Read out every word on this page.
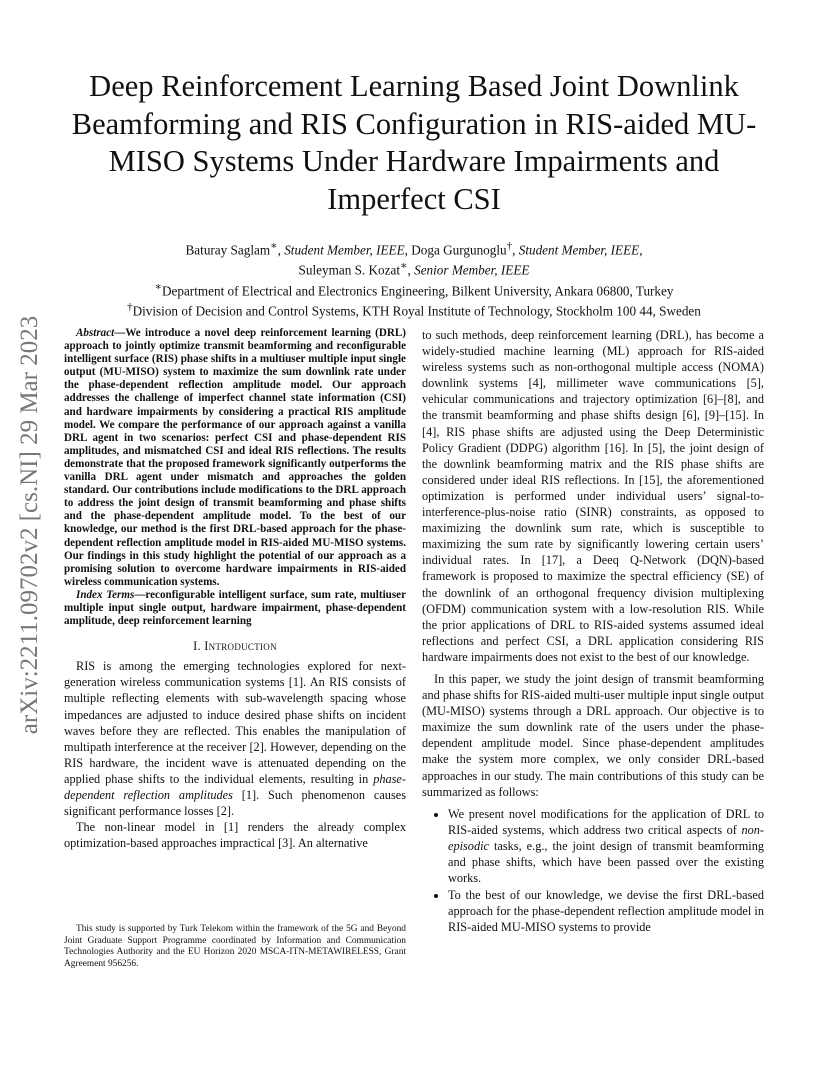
arXiv:2211.09702v2 [cs.NI] 29 Mar 2023
Deep Reinforcement Learning Based Joint Downlink Beamforming and RIS Configuration in RIS-aided MU-MISO Systems Under Hardware Impairments and Imperfect CSI
Baturay Saglam∗, Student Member, IEEE, Doga Gurgunoglu†, Student Member, IEEE,
Suleyman S. Kozat∗, Senior Member, IEEE

∗Department of Electrical and Electronics Engineering, Bilkent University, Ankara 06800, Turkey

†Division of Decision and Control Systems, KTH Royal Institute of Technology, Stockholm 100 44, Sweden

Abstract—We introduce a novel deep reinforcement learning (DRL) approach to jointly optimize transmit beamforming and reconfigurable intelligent surface (RIS) phase shifts in a multiuser multiple input single output (MU-MISO) system to maximize the sum downlink rate under the phase-dependent reflection amplitude model. Our approach addresses the challenge of imperfect channel state information (CSI) and hardware impairments by considering a practical RIS amplitude model. We compare the performance of our approach against a vanilla DRL agent in two scenarios: perfect CSI and phase-dependent RIS amplitudes, and mismatched CSI and ideal RIS reflections. The results demonstrate that the proposed framework significantly outperforms the vanilla DRL agent under mismatch and approaches the golden standard. Our contributions include modifications to the DRL approach to address the joint design of transmit beamforming and phase shifts and the phase-dependent amplitude model. To the best of our knowledge, our method is the first DRL-based approach for the phase-dependent reflection amplitude model in RIS-aided MU-MISO systems. Our findings in this study highlight the potential of our approach as a promising solution to overcome hardware impairments in RIS-aided wireless communication systems.

Index Terms—reconfigurable intelligent surface, sum rate, multiuser multiple input single output, hardware impairment, phase-dependent amplitude, deep reinforcement learning

I. Introduction

RIS is among the emerging technologies explored for next-generation wireless communication systems [1]. An RIS consists of multiple reflecting elements with sub-wavelength spacing whose impedances are adjusted to induce desired phase shifts on incident waves before they are reflected. This enables the manipulation of multipath interference at the receiver [2]. However, depending on the RIS hardware, the incident wave is attenuated depending on the applied phase shifts to the individual elements, resulting in phase-dependent reflection amplitudes [1]. Such phenomenon causes significant performance losses [2].

The non-linear model in [1] renders the already complex optimization-based approaches impractical [3]. An alternative

This study is supported by Turk Telekom within the framework of the 5G and Beyond Joint Graduate Support Programme coordinated by Information and Communication Technologies Authority and the EU Horizon 2020 MSCA-ITN-METAWIRELESS, Grant Agreement 956256.

to such methods, deep reinforcement learning (DRL), has become a widely-studied machine learning (ML) approach for RIS-aided wireless systems such as non-orthogonal multiple access (NOMA) downlink systems [4], millimeter wave communications [5], vehicular communications and trajectory optimization [6]–[8], and the transmit beamforming and phase shifts design [6], [9]–[15]. In [4], RIS phase shifts are adjusted using the Deep Deterministic Policy Gradient (DDPG) algorithm [16]. In [5], the joint design of the downlink beamforming matrix and the RIS phase shifts are considered under ideal RIS reflections. In [15], the aforementioned optimization is performed under individual users’ signal-to-interference-plus-noise ratio (SINR) constraints, as opposed to maximizing the downlink sum rate, which is susceptible to maximizing the sum rate by significantly lowering certain users’ individual rates. In [17], a Deeq Q-Network (DQN)-based framework is proposed to maximize the spectral efficiency (SE) of the downlink of an orthogonal frequency division multiplexing (OFDM) communication system with a low-resolution RIS. While the prior applications of DRL to RIS-aided systems assumed ideal reflections and perfect CSI, a DRL application considering RIS hardware impairments does not exist to the best of our knowledge.

In this paper, we study the joint design of transmit beamforming and phase shifts for RIS-aided multi-user multiple input single output (MU-MISO) systems through a DRL approach. Our objective is to maximize the sum downlink rate of the users under the phase-dependent amplitude model. Since phase-dependent amplitudes make the system more complex, we only consider DRL-based approaches in our study. The main contributions of this study can be summarized as follows:

• We present novel modifications for the application of DRL to RIS-aided systems, which address two critical aspects of non-episodic tasks, e.g., the joint design of transmit beamforming and phase shifts, which have been passed over the existing works.
• To the best of our knowledge, we devise the first DRL-based approach for the phase-dependent reflection amplitude model in RIS-aided MU-MISO systems to provide
